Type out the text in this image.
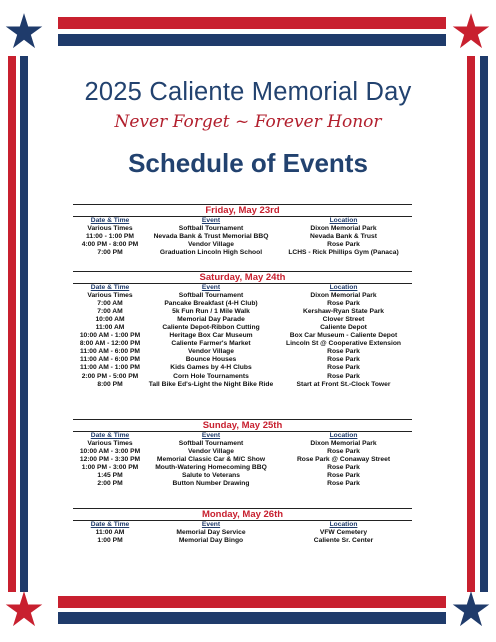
2025 Caliente Memorial Day
Never Forget ~ Forever Honor
Schedule of Events
Friday, May 23rd
Date & Time	Event	Location
Various Times	Softball Tournament	Dixon Memorial Park
11:00 - 1:00 PM	Nevada Bank & Trust Memorial BBQ	Nevada Bank & Trust
4:00 PM - 8:00 PM	Vendor Village	Rose Park
7:00 PM	Graduation Lincoln High School	LCHS - Rick Phillips Gym (Panaca)
Saturday, May 24th
Date & Time	Event	Location
Various Times	Softball Tournament	Dixon Memorial Park
7:00 AM	Pancake Breakfast (4-H Club)	Rose Park
7:00 AM	5k Fun Run / 1 Mile Walk	Kershaw-Ryan State Park
10:00 AM	Memorial Day Parade	Clover Street
11:00 AM	Caliente Depot-Ribbon Cutting	Caliente Depot
10:00 AM - 1:00 PM	Heritage Box Car Museum	Box Car Museum - Caliente Depot
8:00 AM - 12:00 PM	Caliente Farmer's Market	Lincoln St @ Cooperative Extension
11:00 AM - 6:00 PM	Vendor Village	Rose Park
11:00 AM - 6:00 PM	Bounce Houses	Rose Park
11:00 AM - 1:00 PM	Kids Games by 4-H Clubs	Rose Park
2:00 PM - 5:00 PM	Corn Hole Tournaments	Rose Park
8:00 PM	Tall Bike Ed's-Light the Night Bike Ride	Start at Front St.-Clock Tower
Sunday, May 25th
Date & Time	Event	Location
Various Times	Softball Tournament	Dixon Memorial Park
10:00 AM - 3:00 PM	Vendor Village	Rose Park
12:00 PM - 3:30 PM	Memorial Classic Car & M/C Show	Rose Park @ Conaway Street
1:00 PM - 3:00 PM	Mouth-Watering Homecoming BBQ	Rose Park
1:45 PM	Salute to Veterans	Rose Park
2:00 PM	Button Number Drawing	Rose Park
Monday, May 26th
Date & Time	Event	Location
11:00 AM	Memorial Day Service	VFW Cemetery
1:00 PM	Memorial Day Bingo	Caliente Sr. Center
